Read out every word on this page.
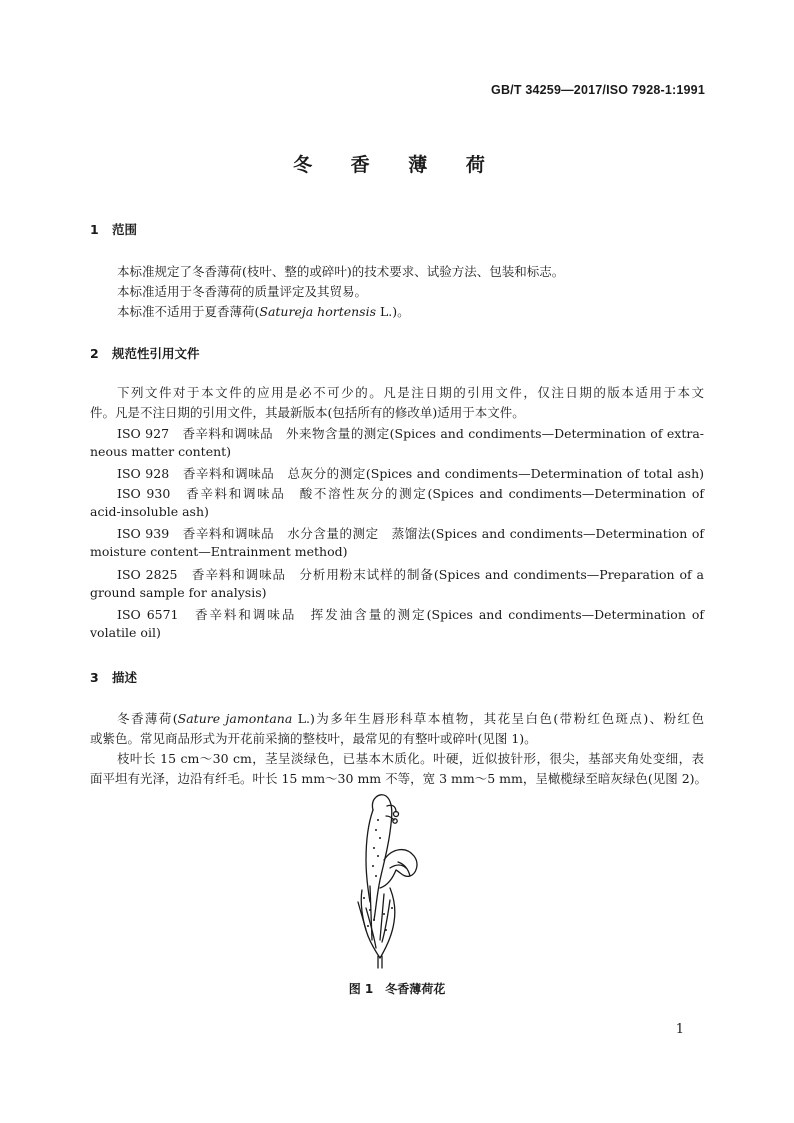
GB/T 34259—2017/ISO 7928-1:1991
冬 香 薄 荷
1 范围
本标准规定了冬香薄荷(枝叶、整的或碎叶)的技术要求、试验方法、包装和标志。
本标准适用于冬香薄荷的质量评定及其贸易。
本标准不适用于夏香薄荷(Satureja hortensis L.)。
2 规范性引用文件
下列文件对于本文件的应用是必不可少的。凡是注日期的引用文件，仅注日期的版本适用于本文
件。凡是不注日期的引用文件，其最新版本(包括所有的修改单)适用于本文件。
ISO 927　香辛料和调味品　外来物含量的测定(Spices and condiments—Determination of extra-
neous matter content)
ISO 928　香辛料和调味品　总灰分的测定(Spices and condiments—Determination of total ash)
ISO 930　香辛料和调味品　酸不溶性灰分的测定(Spices and condiments—Determination of
acid-insoluble ash)
ISO 939　香辛料和调味品　水分含量的测定　蒸馏法(Spices and condiments—Determination of
moisture content—Entrainment method)
ISO 2825　香辛料和调味品　分析用粉末试样的制备(Spices and condiments—Preparation of a
ground sample for analysis)
ISO 6571　香辛料和调味品　挥发油含量的测定(Spices and condiments—Determination of
volatile oil)
3 描述
冬香薄荷(Sature jamontana L.)为多年生唇形科草本植物，其花呈白色(带粉红色斑点)、粉红色
或紫色。常见商品形式为开花前采摘的整枝叶，最常见的有整叶或碎叶(见图 1)。
枝叶长 15 cm～30 cm，茎呈淡绿色，已基本木质化。叶硬，近似披针形，很尖，基部夹角处变细，表
面平坦有光泽，边沿有纤毛。叶长 15 mm～30 mm 不等，宽 3 mm～5 mm，呈橄榄绿至暗灰绿色(见图 2)。
图 1　冬香薄荷花
1
